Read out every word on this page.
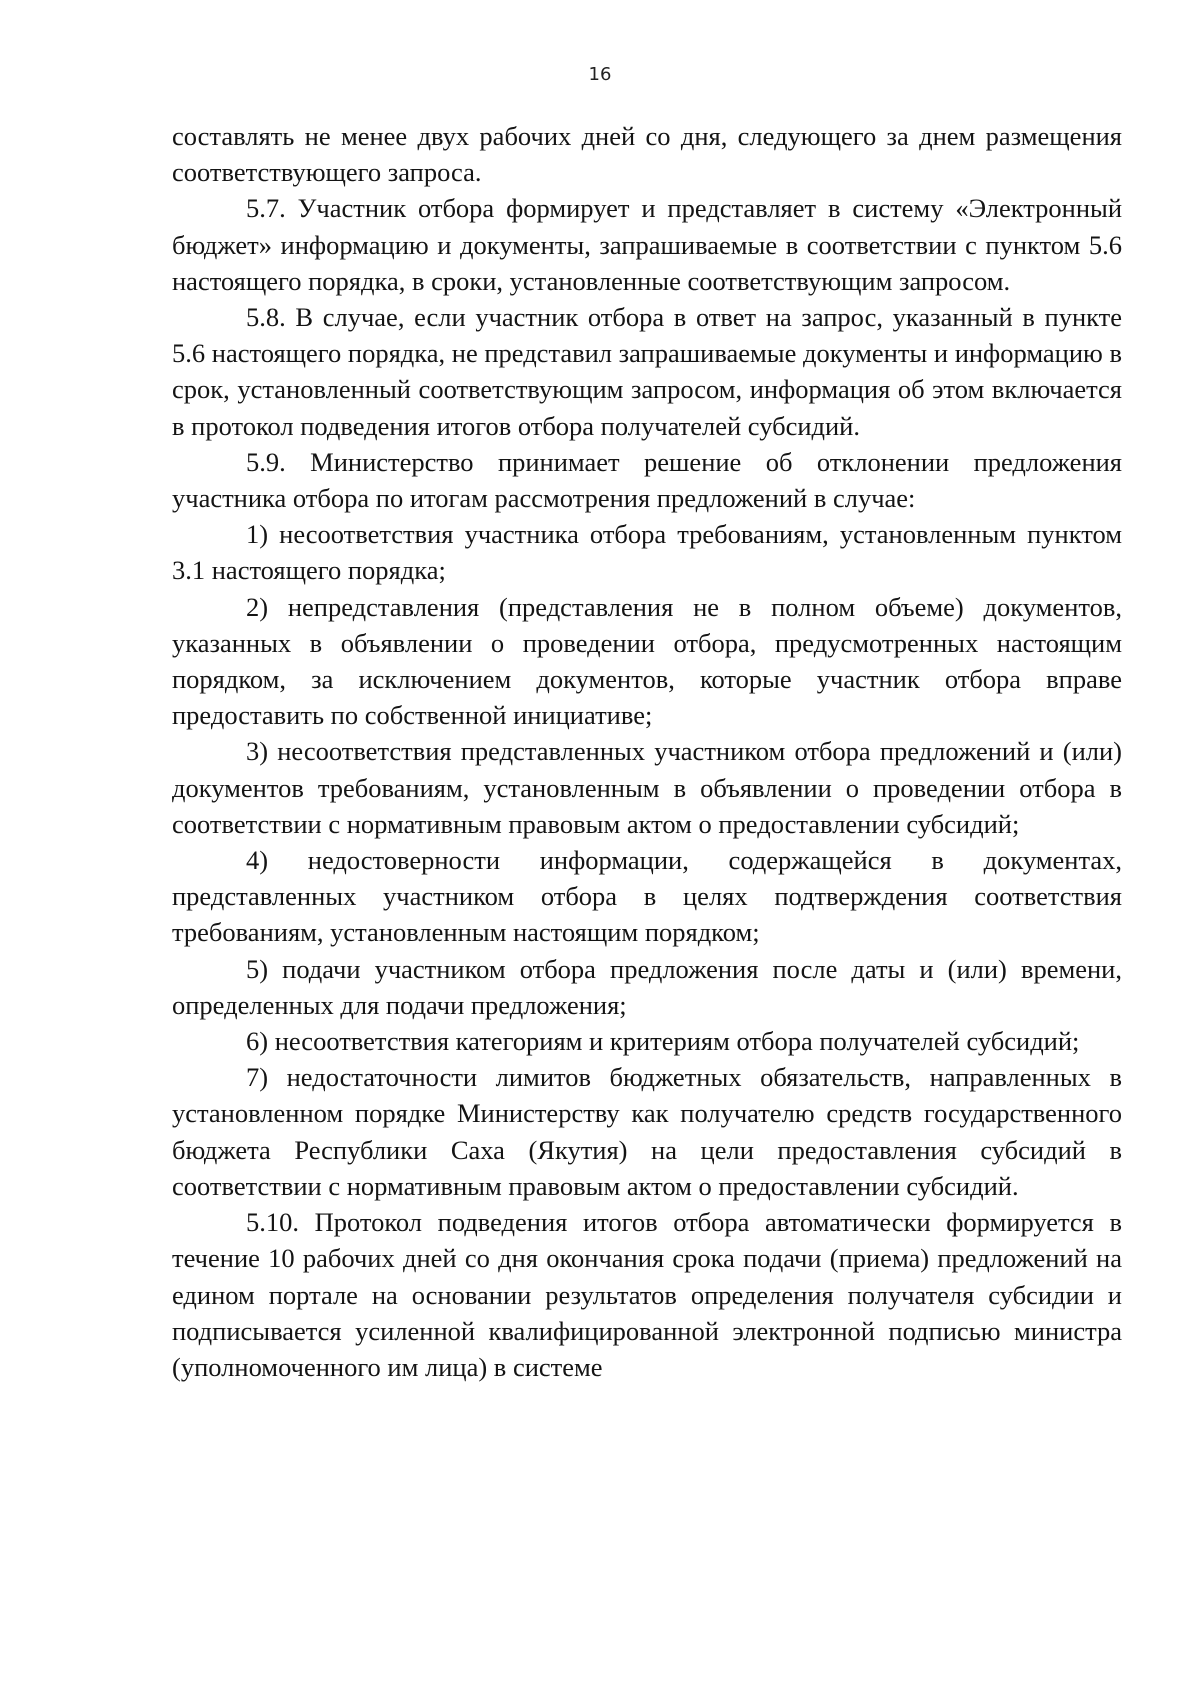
16

составлять не менее двух рабочих дней со дня, следующего за днем размещения соответствующего запроса.

5.7. Участник отбора формирует и представляет в систему «Электронный бюджет» информацию и документы, запрашиваемые в соответствии с пунктом 5.6 настоящего порядка, в сроки, установленные соответствующим запросом.

5.8. В случае, если участник отбора в ответ на запрос, указанный в пункте 5.6 настоящего порядка, не представил запрашиваемые документы и информацию в срок, установленный соответствующим запросом, информация об этом включается в протокол подведения итогов отбора получателей субсидий.

5.9. Министерство принимает решение об отклонении предложения участника отбора по итогам рассмотрения предложений в случае:

1) несоответствия участника отбора требованиям, установленным пунктом 3.1 настоящего порядка;

2) непредставления (представления не в полном объеме) документов, указанных в объявлении о проведении отбора, предусмотренных настоящим порядком, за исключением документов, которые участник отбора вправе предоставить по собственной инициативе;

3) несоответствия представленных участником отбора предложений и (или) документов требованиям, установленным в объявлении о проведении отбора в соответствии с нормативным правовым актом о предоставлении субсидий;

4) недостоверности информации, содержащейся в документах, представленных участником отбора в целях подтверждения соответствия требованиям, установленным настоящим порядком;

5) подачи участником отбора предложения после даты и (или) времени, определенных для подачи предложения;

6) несоответствия категориям и критериям отбора получателей субсидий;

7) недостаточности лимитов бюджетных обязательств, направленных в установленном порядке Министерству как получателю средств государственного бюджета Республики Саха (Якутия) на цели предоставления субсидий в соответствии с нормативным правовым актом о предоставлении субсидий.

5.10. Протокол подведения итогов отбора автоматически формируется в течение 10 рабочих дней со дня окончания срока подачи (приема) предложений на едином портале на основании результатов определения получателя субсидии и подписывается усиленной квалифицированной электронной подписью министра (уполномоченного им лица) в системе
